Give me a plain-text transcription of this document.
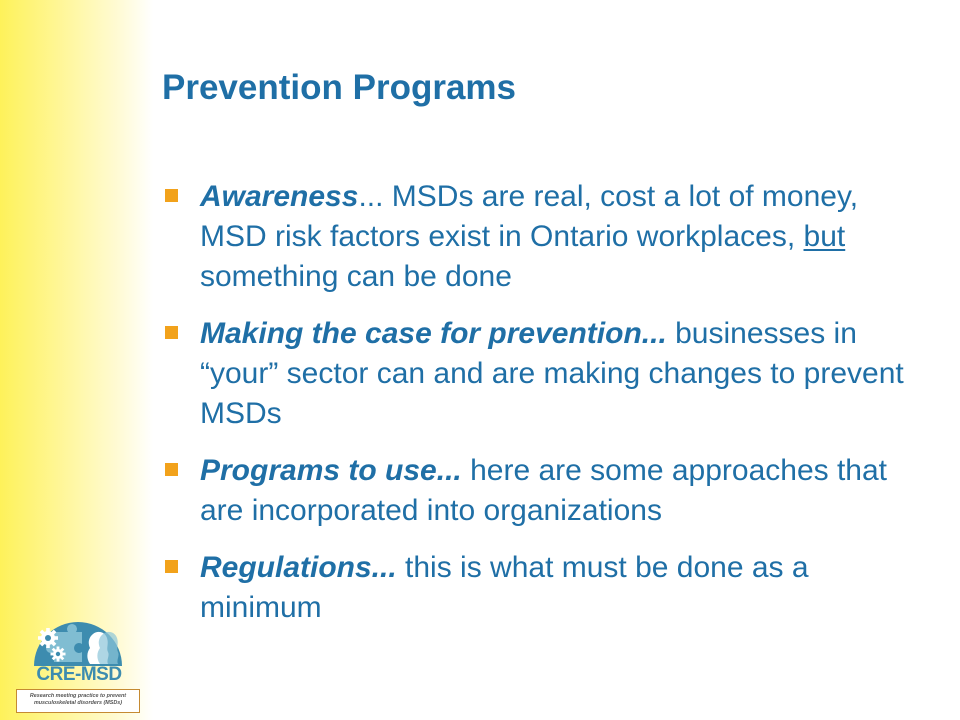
Prevention Programs
Awareness... MSDs are real, cost a lot of money, MSD risk factors exist in Ontario workplaces, but something can be done
Making the case for prevention... businesses in “your” sector can and are making changes to prevent MSDs
Programs to use... here are some approaches that are incorporated into organizations
Regulations... this is what must be done as a minimum
CRE-MSD
Research meeting practice to prevent
musculoskeletal disorders (MSDs)
